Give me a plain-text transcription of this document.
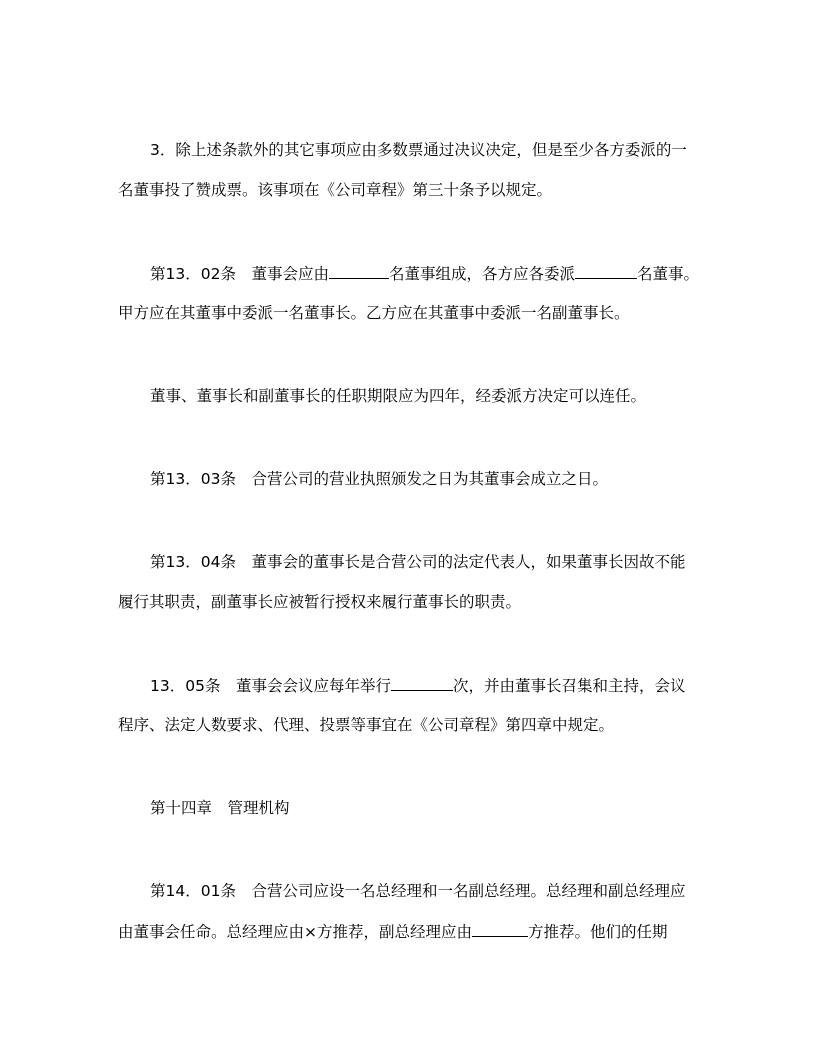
3．除上述条款外的其它事项应由多数票通过决议决定，但是至少各方委派的一
名董事投了赞成票。该事项在《公司章程》第三十条予以规定。
第13．02条　董事会应由	名董事组成，各方应各委派	名董事。
甲方应在其董事中委派一名董事长。乙方应在其董事中委派一名副董事长。
董事、董事长和副董事长的任职期限应为四年，经委派方决定可以连任。
第13．03条　合营公司的营业执照颁发之日为其董事会成立之日。
第13．04条　董事会的董事长是合营公司的法定代表人，如果董事长因故不能
履行其职责，副董事长应被暂行授权来履行董事长的职责。
13．05条　董事会会议应每年举行	次，并由董事长召集和主持，会议
程序、法定人数要求、代理、投票等事宜在《公司章程》第四章中规定。
第十四章　管理机构
第14．01条　合营公司应设一名总经理和一名副总经理。总经理和副总经理应
由董事会任命。总经理应由×方推荐，副总经理应由	方推荐。他们的任期
